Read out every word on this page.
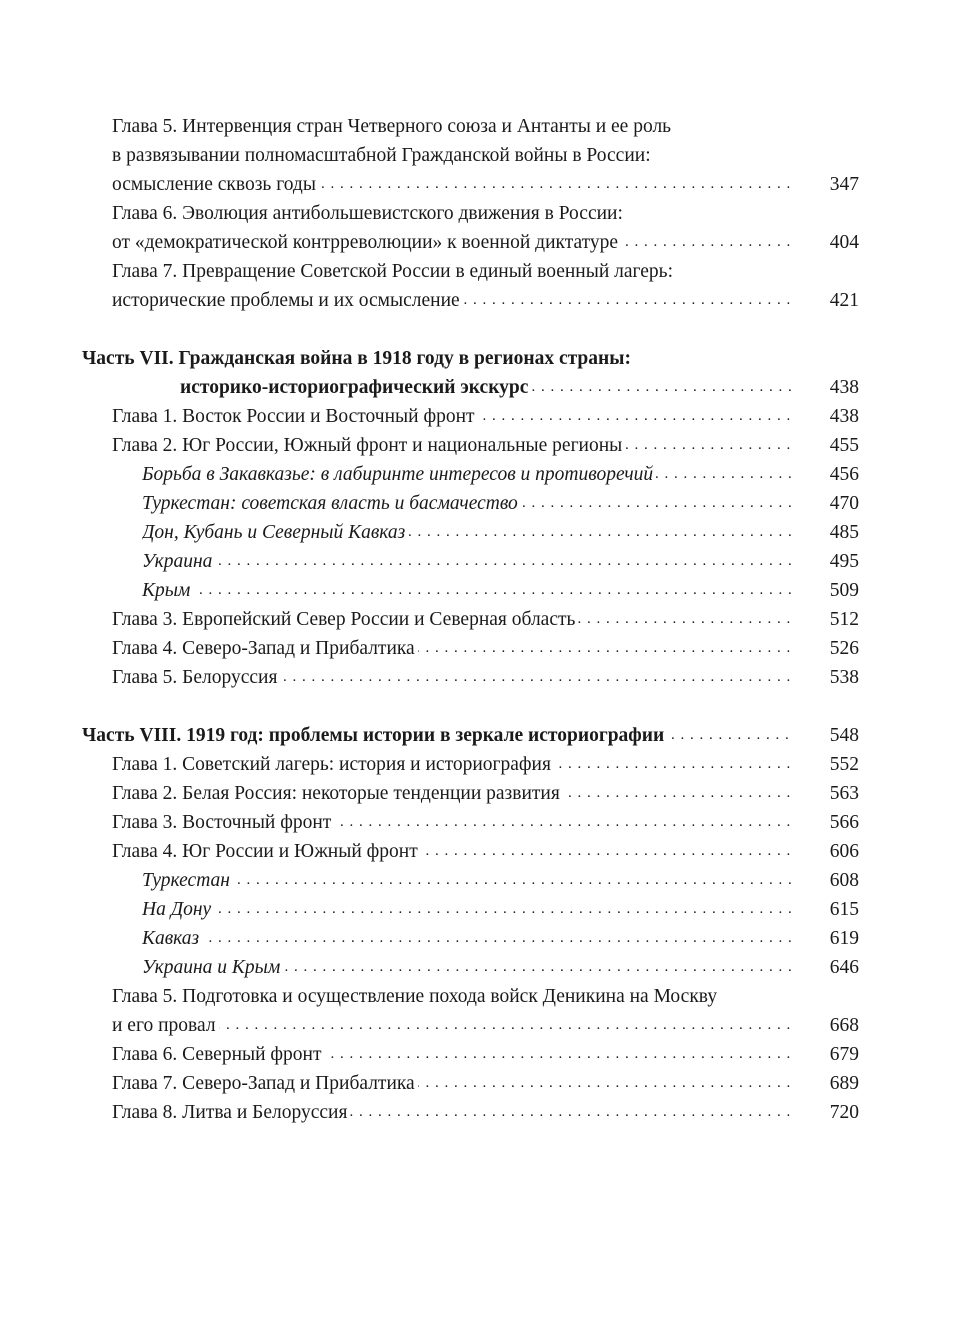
Глава 5. Интервенция стран Четверного союза и Антанты и ее роль
в развязывании полномасштабной Гражданской войны в России:
осмысление сквозь годы . . .	347
Глава 6. Эволюция антибольшевистского движения в России:
от «демократической контрреволюции» к военной диктатуре . . .	404
Глава 7. Превращение Советской России в единый военный лагерь:
исторические проблемы и их осмысление . . .	421
Часть VII. Гражданская война в 1918 году в регионах страны:
историко-историографический экскурс . . .	438
Глава 1. Восток России и Восточный фронт . . .	438
Глава 2. Юг России, Южный фронт и национальные регионы . . .	455
Борьба в Закавказье: в лабиринте интересов и противоречий . . .	456
Туркестан: советская власть и басмачество . . .	470
Дон, Кубань и Северный Кавказ . . .	485
Украина . . .	495
Крым . . .	509
Глава 3. Европейский Север России и Северная область . . .	512
Глава 4. Северо-Запад и Прибалтика . . .	526
Глава 5. Белоруссия . . .	538
Часть VIII. 1919 год: проблемы истории в зеркале историографии . . .	548
Глава 1. Советский лагерь: история и историография . . .	552
Глава 2. Белая Россия: некоторые тенденции развития . . .	563
Глава 3. Восточный фронт . . .	566
Глава 4. Юг России и Южный фронт . . .	606
Туркестан . . .	608
На Дону . . .	615
Кавказ . . .	619
Украина и Крым . . .	646
Глава 5. Подготовка и осуществление похода войск Деникина на Москву
и его провал . . .	668
Глава 6. Северный фронт . . .	679
Глава 7. Северо-Запад и Прибалтика . . .	689
Глава 8. Литва и Белоруссия . . .	720
